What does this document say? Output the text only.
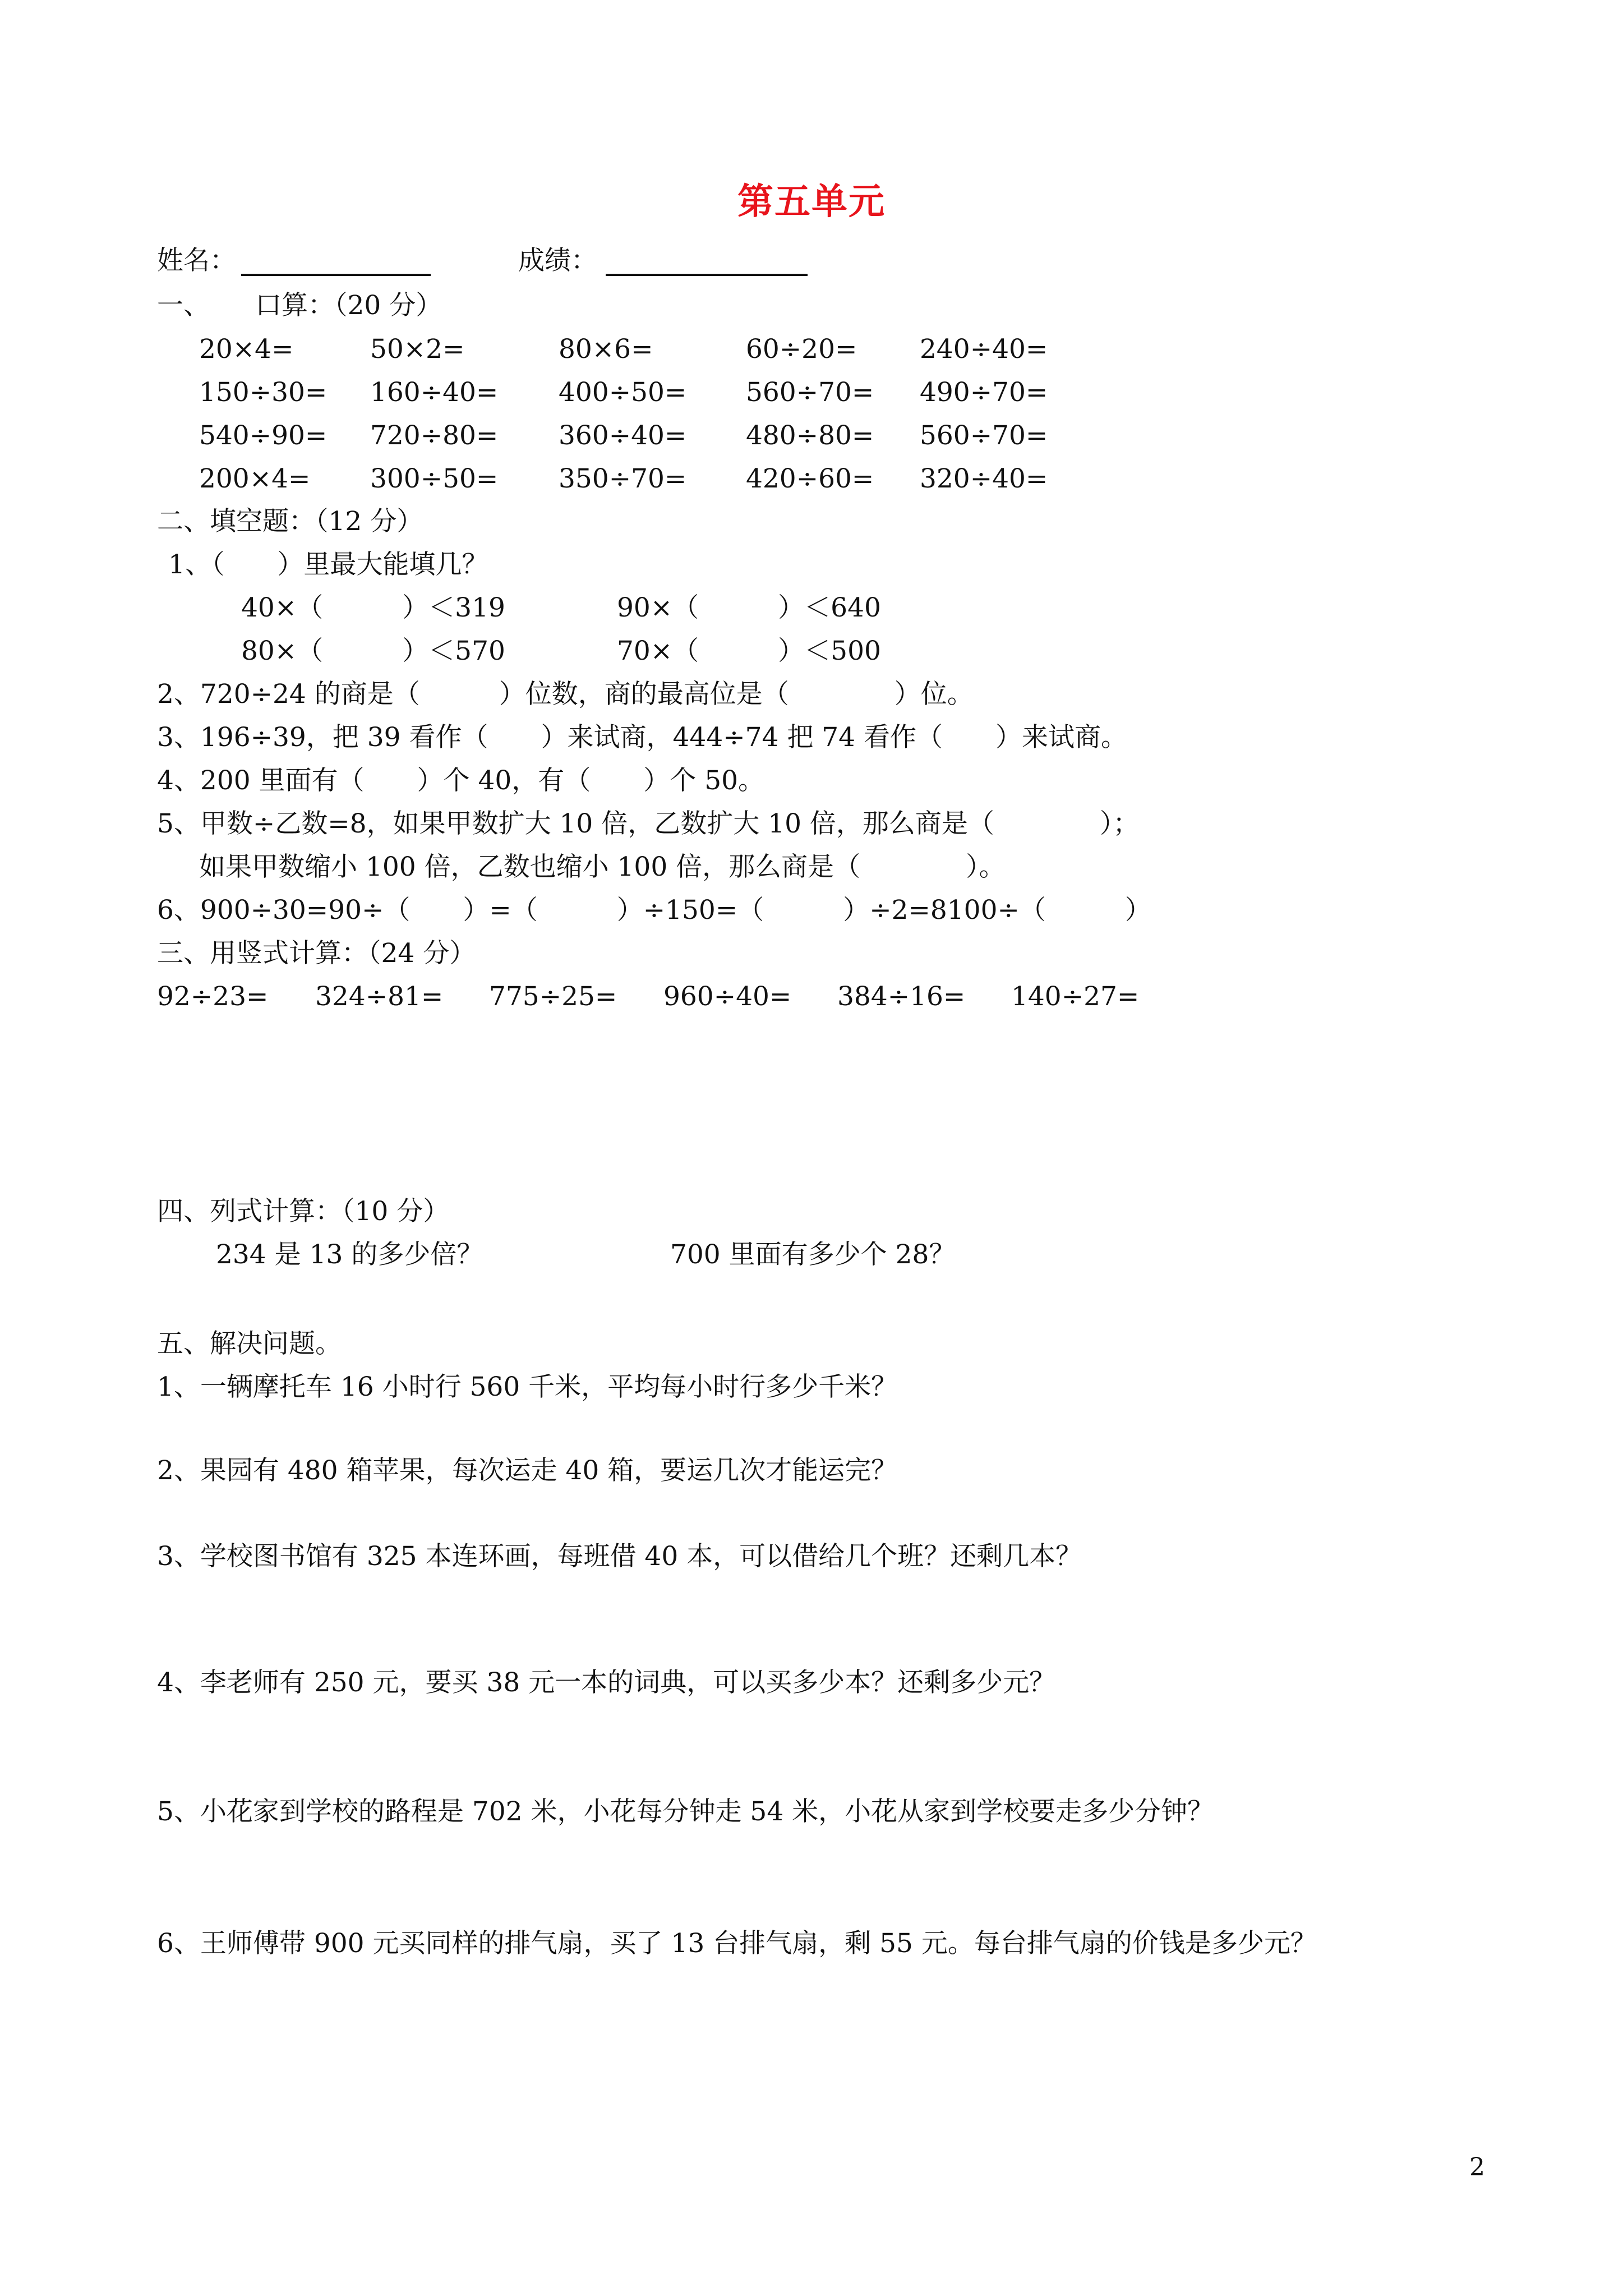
第五单元
姓名：	成绩：
一、 口算：（20 分）
20×4=	50×2=	80×6=	60÷20= 240÷40=
150÷30= 160÷40= 400÷50= 560÷70= 490÷70=
540÷90= 720÷80= 360÷40= 480÷80= 560÷70=
200×4= 300÷50= 350÷70= 420÷60= 320÷40=
二、填空题：（12 分）
1、（　　）里最大能填几？
40×（　　　）＜319	90×（　　　）＜640
80×（　　　）＜570	70×（　　　）＜500
2、720÷24 的商是（　　　）位数，商的最高位是（　　　　）位。
3、196÷39，把 39 看作（　　）来试商，444÷74 把 74 看作（　　）来试商。
4、200 里面有（　　）个 40，有（　　）个 50。
5、甲数÷乙数=8，如果甲数扩大 10 倍，乙数扩大 10 倍，那么商是（　　　　）；
如果甲数缩小 100 倍，乙数也缩小 100 倍，那么商是（　　　　）。
6、900÷30=90÷（　　）=（　　　）÷150=（　　　）÷2=8100÷（　　　）
三、用竖式计算：（24 分）
92÷23= 324÷81= 775÷25= 960÷40= 384÷16= 140÷27=
四、列式计算：（10 分）
234 是 13 的多少倍？	700 里面有多少个 28？
五、解决问题。
1、一辆摩托车 16 小时行 560 千米，平均每小时行多少千米？
2、果园有 480 箱苹果，每次运走 40 箱，要运几次才能运完？
3、学校图书馆有 325 本连环画，每班借 40 本，可以借给几个班？还剩几本？
4、李老师有 250 元，要买 38 元一本的词典，可以买多少本？还剩多少元？
5、小花家到学校的路程是 702 米，小花每分钟走 54 米，小花从家到学校要走多少分钟？
6、王师傅带 900 元买同样的排气扇，买了 13 台排气扇，剩 55 元。每台排气扇的价钱是多少元？
2
